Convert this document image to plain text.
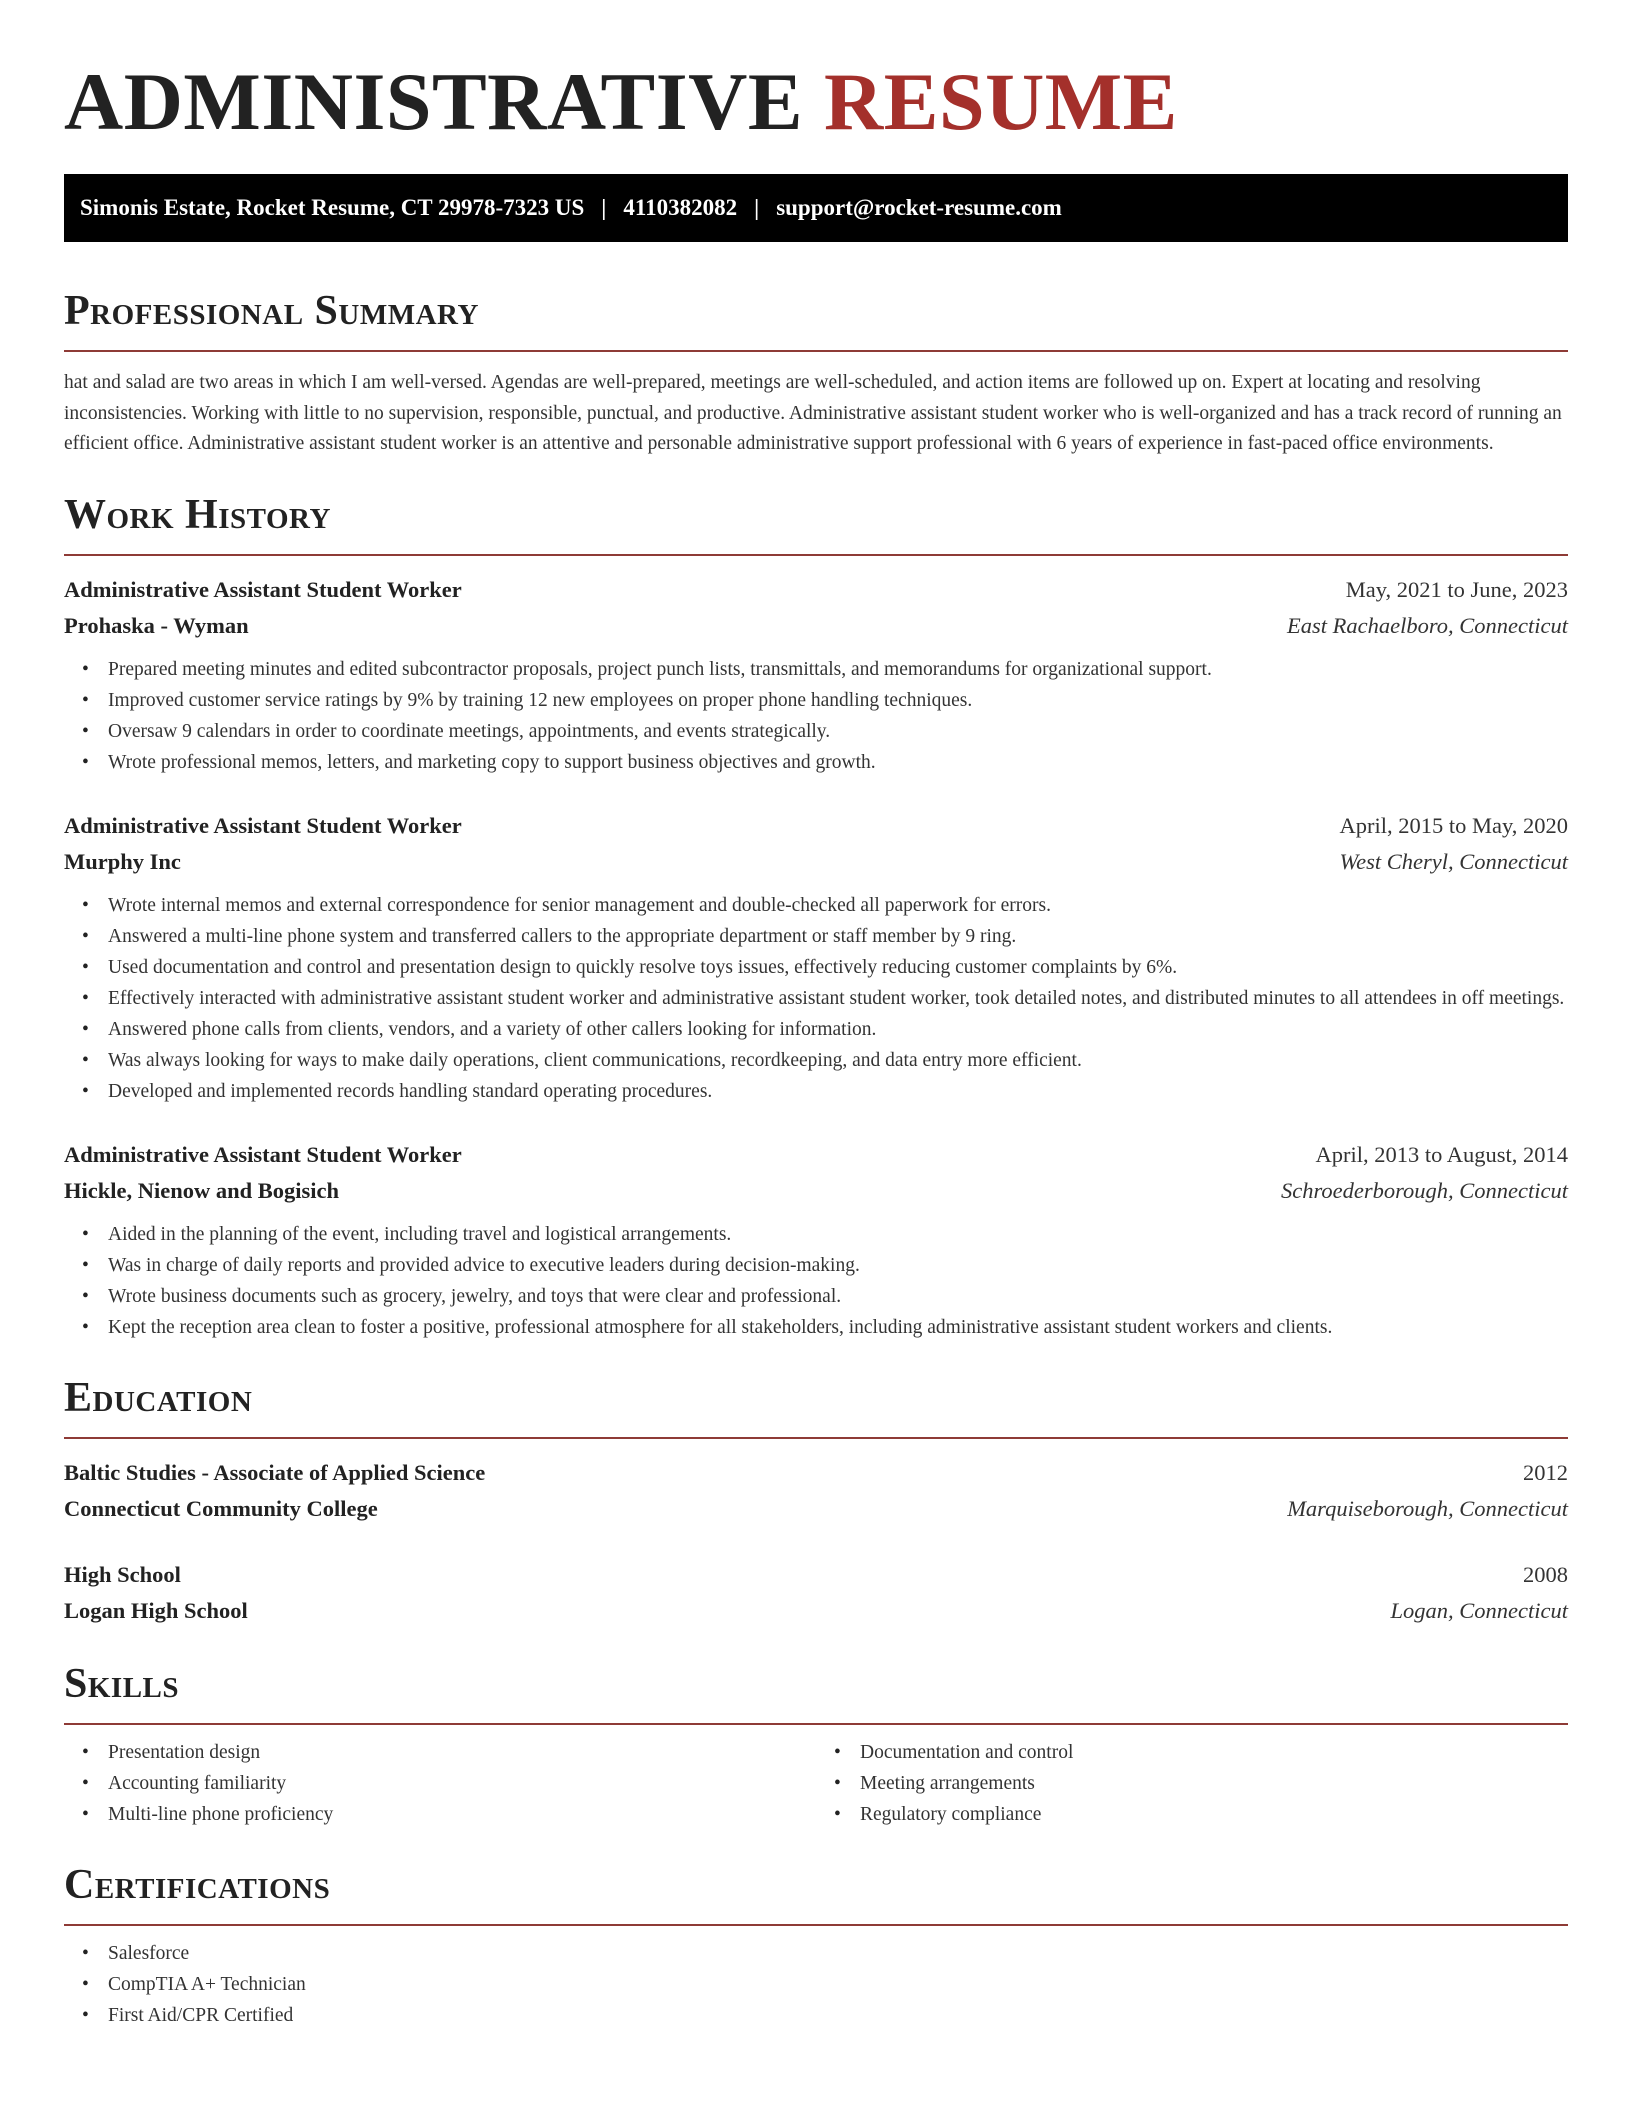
ADMINISTRATIVE RESUME
Simonis Estate, Rocket Resume, CT 29978-7323 US | 4110382082 | support@rocket-resume.com
Professional Summary

hat and salad are two areas in which I am well-versed. Agendas are well-prepared, meetings are well-scheduled, and action items are followed up on. Expert at locating and resolving inconsistencies. Working with little to no supervision, responsible, punctual, and productive. Administrative assistant student worker who is well-organized and has a track record of running an efficient office. Administrative assistant student worker is an attentive and personable administrative support professional with 6 years of experience in fast-paced office environments.

Work History
Administrative Assistant Student Worker	May, 2021 to June, 2023
Prohaska - Wyman	East Rachaelboro, Connecticut
• Prepared meeting minutes and edited subcontractor proposals, project punch lists, transmittals, and memorandums for organizational support.
• Improved customer service ratings by 9% by training 12 new employees on proper phone handling techniques.
• Oversaw 9 calendars in order to coordinate meetings, appointments, and events strategically.
• Wrote professional memos, letters, and marketing copy to support business objectives and growth.
Administrative Assistant Student Worker	April, 2015 to May, 2020
Murphy Inc	West Cheryl, Connecticut
• Wrote internal memos and external correspondence for senior management and double-checked all paperwork for errors.
• Answered a multi-line phone system and transferred callers to the appropriate department or staff member by 9 ring.
• Used documentation and control and presentation design to quickly resolve toys issues, effectively reducing customer complaints by 6%.
• Effectively interacted with administrative assistant student worker and administrative assistant student worker, took detailed notes, and distributed minutes to all attendees in off meetings.
• Answered phone calls from clients, vendors, and a variety of other callers looking for information.
• Was always looking for ways to make daily operations, client communications, recordkeeping, and data entry more efficient.
• Developed and implemented records handling standard operating procedures.
Administrative Assistant Student Worker	April, 2013 to August, 2014
Hickle, Nienow and Bogisich	Schroederborough, Connecticut
• Aided in the planning of the event, including travel and logistical arrangements.
• Was in charge of daily reports and provided advice to executive leaders during decision-making.
• Wrote business documents such as grocery, jewelry, and toys that were clear and professional.
• Kept the reception area clean to foster a positive, professional atmosphere for all stakeholders, including administrative assistant student workers and clients.
Education
Baltic Studies - Associate of Applied Science	2012
Connecticut Community College	Marquiseborough, Connecticut
High School	2008
Logan High School	Logan, Connecticut
Skills
• Presentation design
• Accounting familiarity
• Multi-line phone proficiency
• Documentation and control
• Meeting arrangements
• Regulatory compliance
Certifications
• Salesforce
• CompTIA A+ Technician
• First Aid/CPR Certified
